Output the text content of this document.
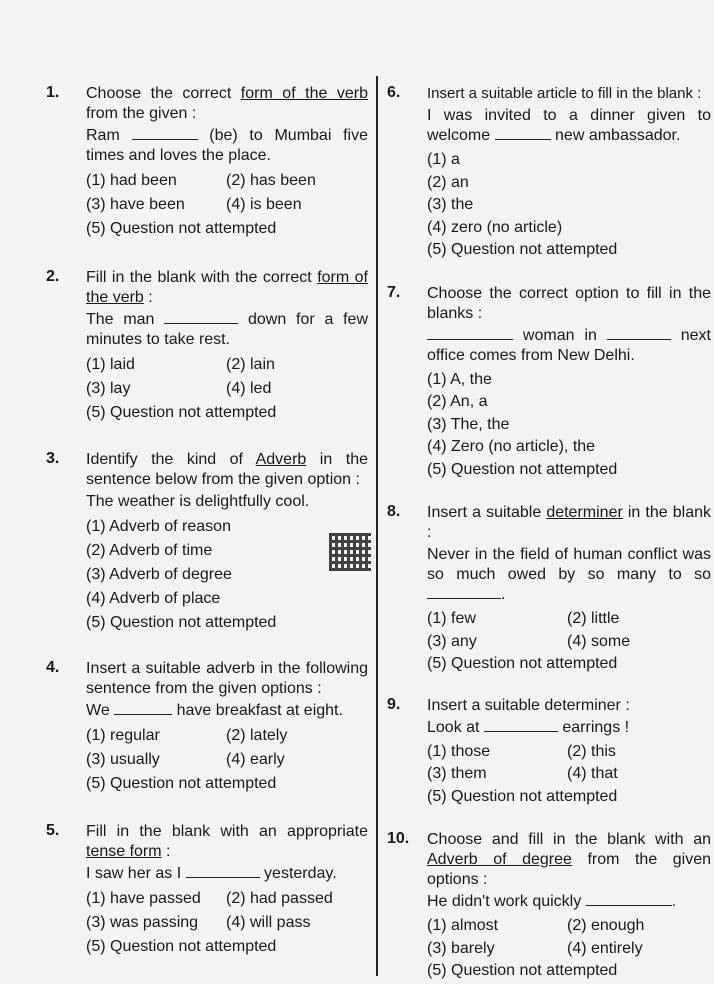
1. Choose the correct form of the verb from the given :
Ram	(be) to Mumbai five times and loves the place.
(1) had been	(2) has been
(3) have been	(4) is been
(5) Question not attempted
2. Fill in the blank with the correct form of the verb :
The man	down for a few minutes to take rest.
(1) laid	(2) lain
(3) lay	(4) led
(5) Question not attempted
3. Identify the kind of Adverb in the sentence below from the given option :
The weather is delightfully cool.
(1) Adverb of reason
(2) Adverb of time
(3) Adverb of degree
(4) Adverb of place
(5) Question not attempted
4. Insert a suitable adverb in the following sentence from the given options :
We	have breakfast at eight.
(1) regular	(2) lately
(3) usually	(4) early
(5) Question not attempted
5. Fill in the blank with an appropriate tense form :
I saw her as I	yesterday.
(1) have passed	(2) had passed
(3) was passing	(4) will pass
(5) Question not attempted
6. Insert a suitable article to fill in the blank :
I was invited to a dinner given to welcome	new ambassador.
(1) a
(2) an
(3) the
(4) zero (no article)
(5) Question not attempted
7. Choose the correct option to fill in the blanks :
woman in	next office comes from New Delhi.
(1) A, the
(2) An, a
(3) The, the
(4) Zero (no article), the
(5) Question not attempted
8. Insert a suitable determiner in the blank :
Never in the field of human conflict was so much owed by so many to so .
(1) few	(2) little
(3) any	(4) some
(5) Question not attempted
9. Insert a suitable determiner :
Look at	earrings !
(1) those	(2) this
(3) them	(4) that
(5) Question not attempted
10. Choose and fill in the blank with an Adverb of degree from the given options :
He didn't work quickly	.
(1) almost	(2) enough
(3) barely	(4) entirely
(5) Question not attempted
